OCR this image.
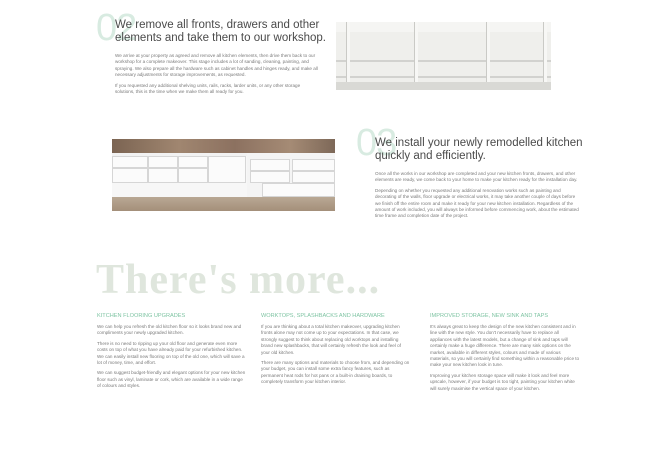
02
We remove all fronts, drawers and other
elements and take them to our workshop.

We arrive at your property as agreed and remove all kitchen elements, then drive them back to our workshop for a complete makeover. This stage includes a lot of sanding, cleaning, painting, and spraying. We also prepare all the hardware such as cabinet handles and hinges ready, and make all necessary adjustments for storage improvements, as requested.

If you requested any additional shelving units, rails, racks, larder units, or any other storage solutions, this is the time when we make them all ready for you.

03
We install your newly remodelled kitchen
quickly and efficiently.

Once all the works in our workshop are completed and your new kitchen fronts, drawers, and other elements are ready, we come back to your home to make your kitchen ready for the installation day.

Depending on whether you requested any additional renovation works such as painting and decorating of the walls, floor upgrade or electrical works, it may take another couple of days before we finish off the entire room and make it ready for your new kitchen installation. Regardless of the amount of work included, you will always be informed before commencing work, about the estimated time frame and completion date of the project.

There's more...
KITCHEN FLOORING UPGRADES

We can help you refresh the old kitchen floor so it looks brand new and compliments your newly upgraded kitchen.

There is no need to ripping up your old floor and generate even more costs on top of what you have already paid for your refurbished kitchen. We can easily install new flooring on top of the old one, which will save a lot of money, time, and effort.

We can suggest budget-friendly and elegant options for your new kitchen floor such as vinyl, laminate or cork, which are available in a wide range of colours and styles.

WORKTOPS, SPLASHBACKS AND HARDWARE

If you are thinking about a total kitchen makeover, upgrading kitchen fronts alone may not come up to your expectations. In that case, we strongly suggest to think about replacing old worktops and installing brand new splashbacks, that will certainly refresh the look and feel of your old kitchen.

There are many options and materials to choose from, and depending on your budget, you can install some extra fancy features, such as permanent heat rods for hot pans or a built-in draining boards, to completely transform your kitchen interior.

IMPROVED STORAGE, NEW SINK AND TAPS

It's always great to keep the design of the new kitchen consistent and in line with the new style. You don't necessarily have to replace all appliances with the latest models, but a change of sink and taps will certainly make a huge difference. There are many sink options on the market, available in different styles, colours and made of various materials, so you will certainly find something within a reasonable price to make your new kitchen look in tune.

Improving your kitchen storage space will make it look and feel more upscale, however, if your budget is too tight, painting your kitchen white will surely maximise the vertical space of your kitchen.
